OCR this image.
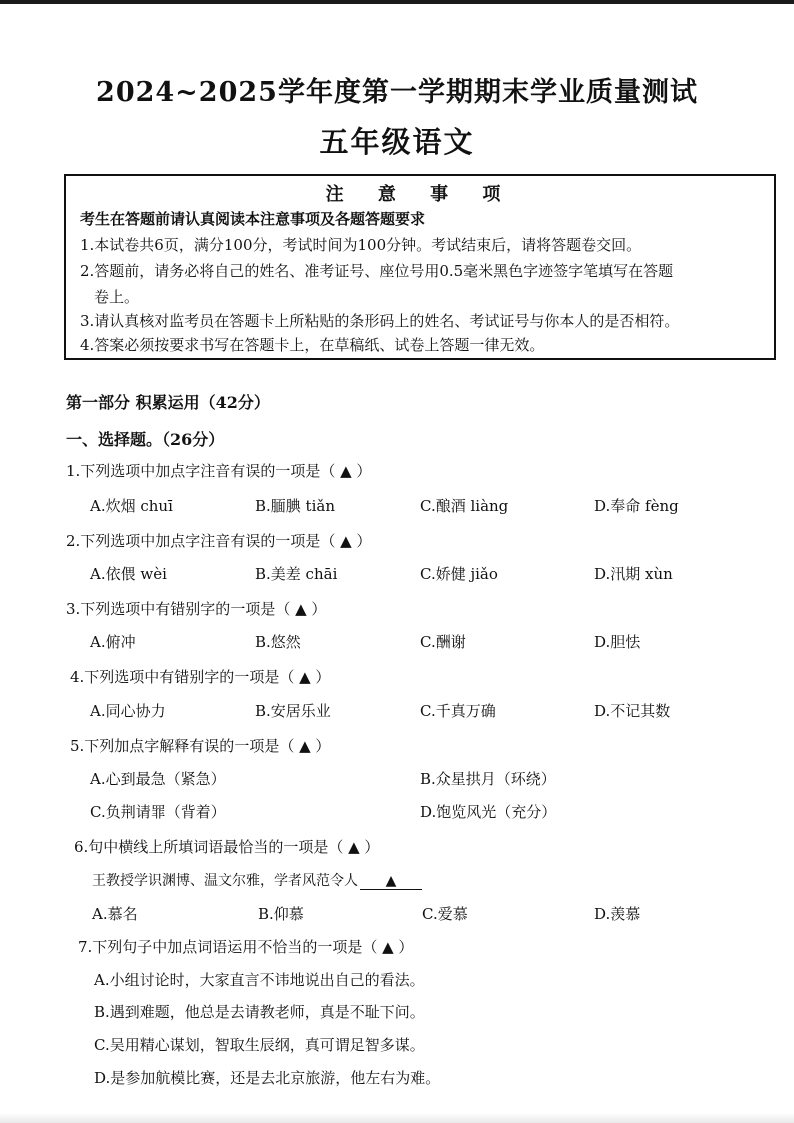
2024~2025学年度第一学期期末学业质量测试
五年级语文
注 意 事 项
考生在答题前请认真阅读本注意事项及各题答题要求
1.本试卷共6页，满分100分，考试时间为100分钟。考试结束后，请将答题卷交回。
2.答题前，请务必将自己的姓名、准考证号、座位号用0.5毫米黑色字迹签字笔填写在答题
卷上。
3.请认真核对监考员在答题卡上所粘贴的条形码上的姓名、考试证号与你本人的是否相符。
4.答案必须按要求书写在答题卡上，在草稿纸、试卷上答题一律无效。
第一部分 积累运用（42分）
一、选择题。（26分）
1.下列选项中加点字注音有误的一项是（ ▲ ）
A.炊烟 chuī	B.腼腆 tiǎn	C.酿酒 liàng	D.奉命 fèng
2.下列选项中加点字注音有误的一项是（ ▲ ）
A.依偎 wèi	B.美差 chāi	C.娇健 jiǎo	D.汛期 xùn
3.下列选项中有错别字的一项是（ ▲ ）
A.俯冲	B.悠然	C.酬谢	D.胆怯
4.下列选项中有错别字的一项是（ ▲ ）
A.同心协力	B.安居乐业	C.千真万确	D.不记其数
5.下列加点字解释有误的一项是（ ▲ ）
A.心到最急（紧急）	B.众星拱月（环绕）
C.负荆请罪（背着）	D.饱览风光（充分）
6.句中横线上所填词语最恰当的一项是（ ▲ ）
王教授学识渊博、温文尔雅，学者风范令人 ▲
A.慕名	B.仰慕	C.爱慕	D.羡慕
7.下列句子中加点词语运用不恰当的一项是（ ▲ ）
A.小组讨论时，大家直言不讳地说出自己的看法。
B.遇到难题，他总是去请教老师，真是不耻下问。
C.吴用精心谋划，智取生辰纲，真可谓足智多谋。
D.是参加航模比赛，还是去北京旅游，他左右为难。
